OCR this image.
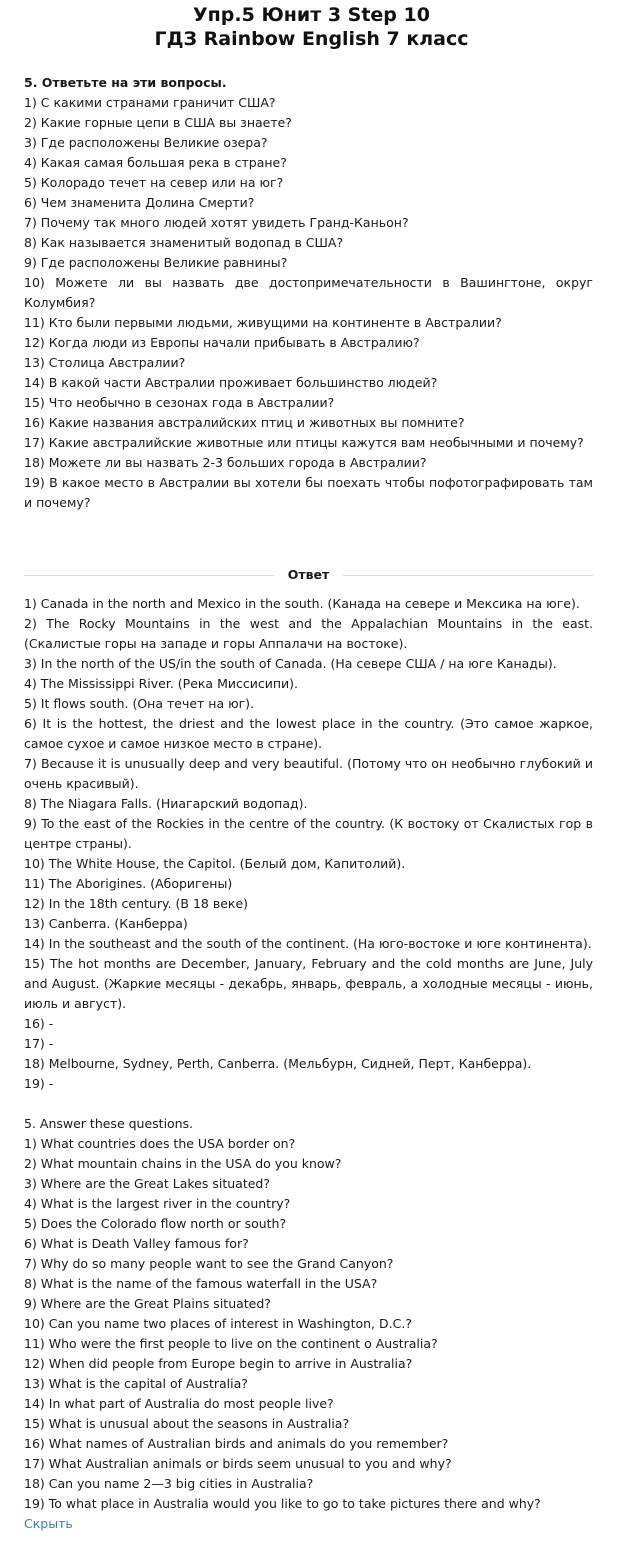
Упр.5 Юнит 3 Step 10
ГДЗ Rainbow English 7 класс

5. Ответьте на эти вопросы.

1) С какими странами граничит США?

2) Какие горные цепи в США вы знаете?

3) Где расположены Великие озера?

4) Какая самая большая река в стране?

5) Колорадо течет на север или на юг?

6) Чем знаменита Долина Смерти?

7) Почему так много людей хотят увидеть Гранд-Каньон?

8) Как называется знаменитый водопад в США?

9) Где расположены Великие равнины?

10) Можете ли вы назвать две достопримечательности в Вашингтоне, округ Колумбия?

11) Кто были первыми людьми, живущими на континенте в Австралии?

12) Когда люди из Европы начали прибывать в Австралию?

13) Столица Австралии?

14) В какой части Австралии проживает большинство людей?

15) Что необычно в сезонах года в Австралии?

16) Какие названия австралийских птиц и животных вы помните?

17) Какие австралийские животные или птицы кажутся вам необычными и почему?

18) Можете ли вы назвать 2-3 больших города в Австралии?

19) В какое место в Австралии вы хотели бы поехать чтобы пофотографировать там и почему?

Ответ

1) Canada in the north and Mexico in the south. (Канада на севере и Мексика на юге).

2) The Rocky Mountains in the west and the Appalachian Mountains in the east. (Скалистые горы на западе и горы Аппалачи на востоке).

3) In the north of the US/in the south of Canada. (На севере США / на юге Канады).

4) The Mississippi River. (Река Миссисипи).

5) It flows south. (Она течет на юг).

6) It is the hottest, the driest and the lowest place in the country. (Это самое жаркое, самое сухое и самое низкое место в стране).

7) Because it is unusually deep and very beautiful. (Потому что он необычно глубокий и очень красивый).

8) The Niagara Falls. (Ниагарский водопад).

9) To the east of the Rockies in the centre of the country. (К востоку от Скалистых гор в центре страны).

10) The White House, the Capitol. (Белый дом, Капитолий).

11) The Aborigines. (Аборигены)

12) In the 18th century. (В 18 веке)

13) Canberra. (Канберра)

14) In the southeast and the south of the continent. (На юго-востоке и юге континента).

15) The hot months are December, January, February and the cold months are June, July and August. (Жаркие месяцы - декабрь, январь, февраль, а холодные месяцы - июнь, июль и август).

16) -

17) -

18) Melbourne, Sydney, Perth, Canberra. (Мельбурн, Сидней, Перт, Канберра).

19) -

5. Answer these questions.

1) What countries does the USA border on?

2) What mountain chains in the USA do you know?

3) Where are the Great Lakes situated?

4) What is the largest river in the country?

5) Does the Colorado flow north or south?

6) What is Death Valley famous for?

7) Why do so many people want to see the Grand Canyon?

8) What is the name of the famous waterfall in the USA?

9) Where are the Great Plains situated?

10) Can you name two places of interest in Washington, D.C.?

11) Who were the first people to live on the continent o Australia?

12) When did people from Europe begin to arrive in Australia?

13) What is the capital of Australia?

14) In what part of Australia do most people live?

15) What is unusual about the seasons in Australia?

16) What names of Australian birds and animals do you remember?

17) What Australian animals or birds seem unusual to you and why?

18) Can you name 2—3 big cities in Australia?

19) To what place in Australia would you like to go to take pictures there and why?

Скрыть
